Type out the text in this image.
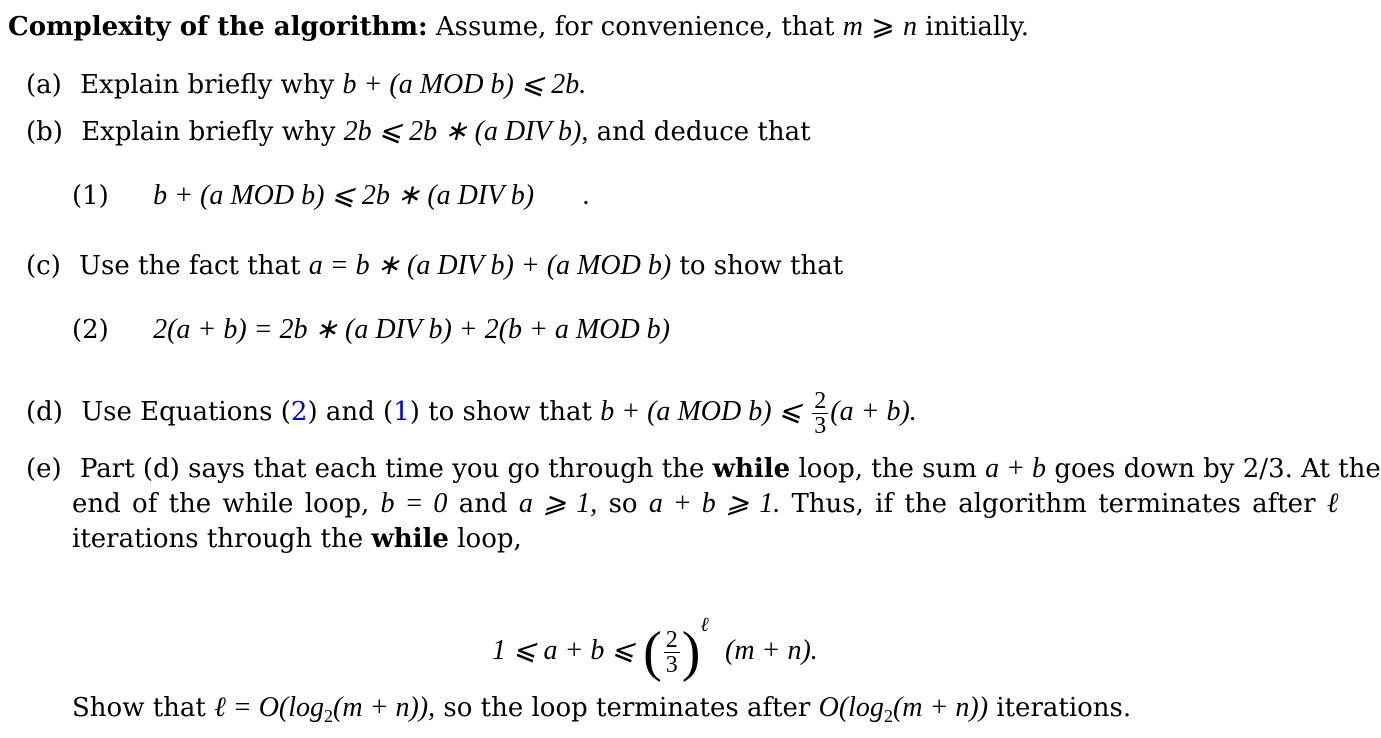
Complexity of the algorithm: Assume, for convenience, that m ⩾ n initially.
(a) Explain briefly why b + (a MOD b) ⩽ 2b.
(b) Explain briefly why 2b ⩽ 2b ∗ (a DIV b), and deduce that
(1) b + (a MOD b) ⩽ 2b ∗ (a DIV b) .
(c) Use the fact that a = b ∗ (a DIV b) + (a MOD b) to show that
(2) 2(a + b) = 2b ∗ (a DIV b) + 2(b + a MOD b)
(d) Use Equations (2) and (1) to show that b + (a MOD b) ⩽ $\frac{2}{3} (a + b)$.
(e) Part (d) says that each time you go through the while loop, the sum a + b goes down by 2/3. At the
end of the while loop, b = 0 and a ⩾ 1, so a + b ⩾ 1. Thus, if the algorithm terminates after ℓ
iterations through the while loop,
1 ⩽ a + b ⩽ ( $\frac{2}{3} )^\ell$ (m + n).
Show that ℓ = $O(\log_2(m + n))$, so the loop terminates after $O(\log_2(m + n))$ iterations.
